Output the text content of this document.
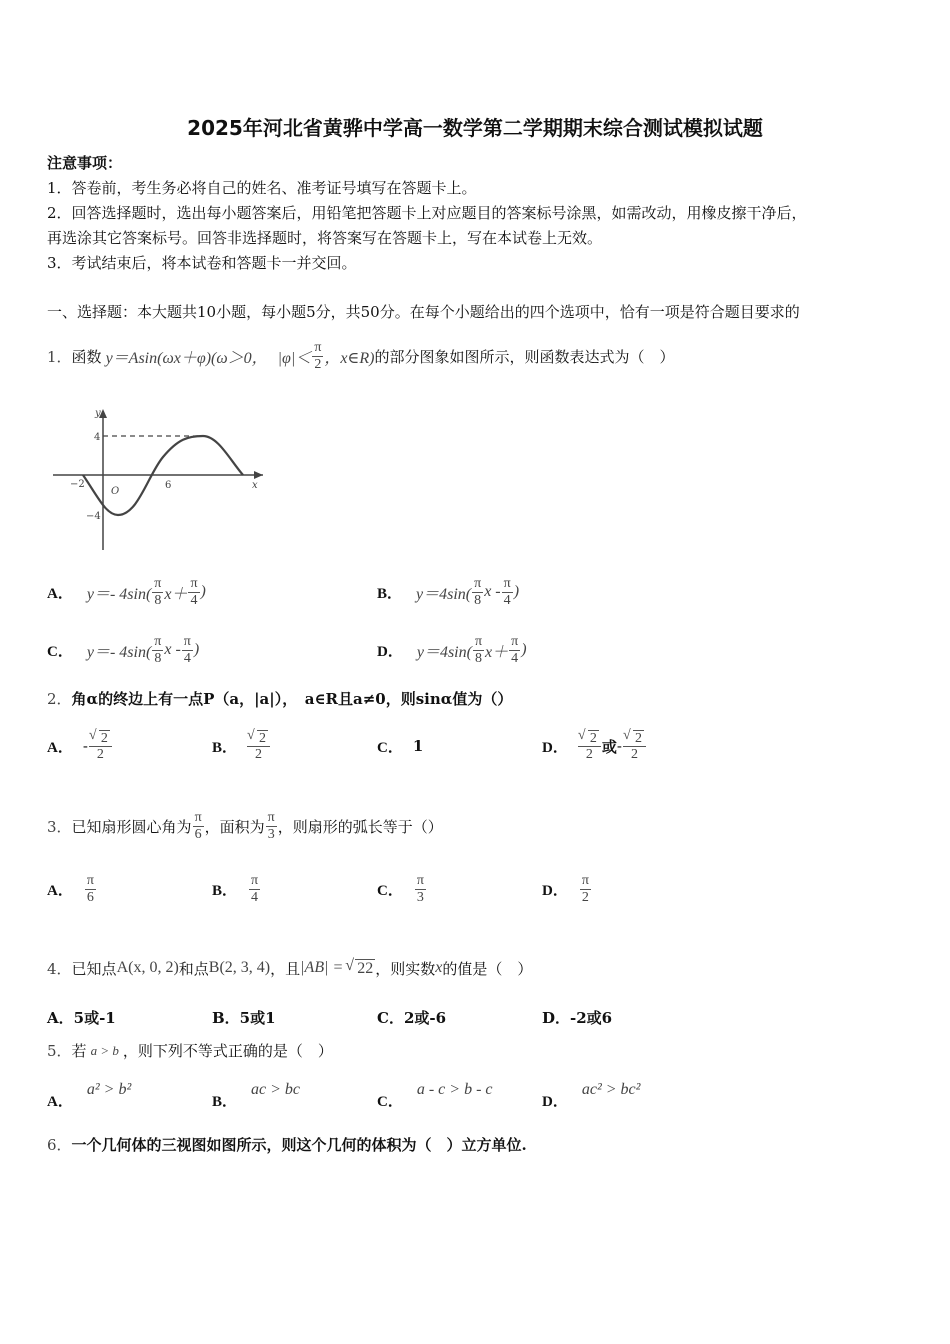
2025年河北省黄骅中学高一数学第二学期期末综合测试模拟试题
注意事项：
1．答卷前，考生务必将自己的姓名、准考证号填写在答题卡上。
2．回答选择题时，选出每小题答案后，用铅笔把答题卡上对应题目的答案标号涂黑，如需改动，用橡皮擦干净后，
再选涂其它答案标号。回答非选择题时，将答案写在答题卡上，写在本试卷上无效。
3．考试结束后，将本试卷和答题卡一并交回。
一、选择题：本大题共10小题，每小题5分，共50分。在每个小题给出的四个选项中，恰有一项是符合题目要求的
1． 函数 y＝Asin(ωx＋φ)(ω＞0， $|\varphi|< \frac{\pi}{2}$ ，x∈R) 的部分图象如图所示，则函数表达式为（　）
y
x
4
−4
−2
O
6
A． y＝- $4\sin( \frac{\pi}{8} x+ \frac{\pi}{4}$ )	B． $y=4\sin( \frac{\pi}{8}$ x - $\frac{\pi}{4}$ )
C． y＝- $4\sin( \frac{\pi}{8}$ x - $\frac{\pi}{4}$ )	D． $y=4\sin( \frac{\pi}{8} x+ \frac{\pi}{4}$ )
2．角α的终边上有一点P（a，|a|），　a∈R且a≠0，则sinα值为（）
A． - √ $\frac{2}{2}$	B． √ $\frac{2}{2}$	C． 1	D． √ $\frac{2}{2}$ 或 - √ $\frac{2}{2}$
3． 已知扇形圆心角为 $\frac{\pi}{6}$ ，面积为 $\frac{\pi}{3}$ ，则扇形的弧长等于（）
A． $\frac{\pi}{6}$	B． $\frac{\pi}{4}$	C． $\frac{\pi}{3}$	D． $\frac{\pi}{2}$
4． 已知点 A(x, 0, 2) 和点 B(2, 3, 4) ，且 |AB| = √ 22 ，则实数 x 的值是（　）
A．5或-1	B．5或1	C．2或-6	D．-2或6
5． 若 a > b ，则下列不等式正确的是（　）
A．
a² > b²
B．
ac > bc
C．
a - c > b - c
D．
ac² > bc²
6．一个几何体的三视图如图所示，则这个几何的体积为（　）立方单位.
